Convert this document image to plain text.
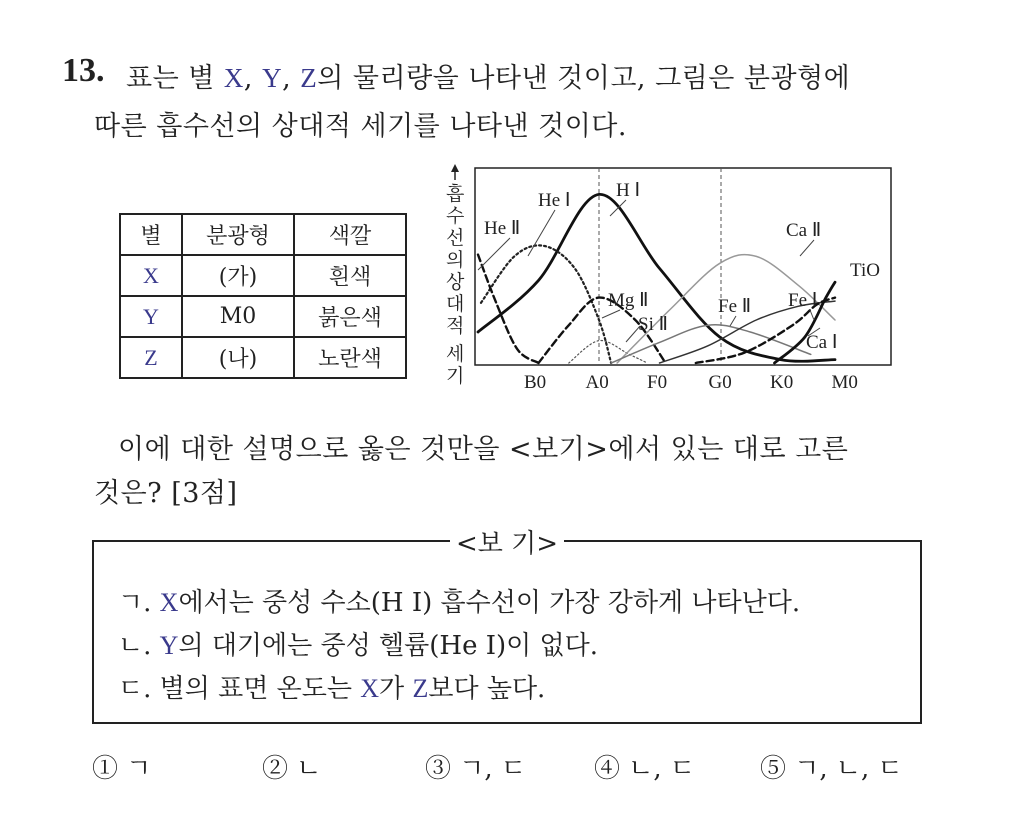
13. 표는 별 X, Y, Z의 물리량을 나타낸 것이고, 그림은 분광형에
따른 흡수선의 상대적 세기를 나타낸 것이다.
별	분광형	색깔
X	(가)	흰색
Y	M0	붉은색
Z	(나)	노란색
흡
수
선
의
상
대
적
세
기
He Ⅰ H Ⅰ
He Ⅱ	Ca Ⅱ
TiO
Mg Ⅱ
Si Ⅱ
Fe Ⅱ Fe Ⅰ
Ca Ⅰ
B0 A0 F0 G0 K0 M0
이에 대한 설명으로 옳은 것만을 <보기>에서 있는 대로 고른
것은? [3점]
<보 기>
ㄱ. X에서는 중성 수소(H Ⅰ) 흡수선이 가장 강하게 나타난다.
ㄴ. Y의 대기에는 중성 헬륨(He Ⅰ)이 없다.
ㄷ. 별의 표면 온도는 X가 Z보다 높다.
① ㄱ	② ㄴ	③ ㄱ, ㄷ	④ ㄴ, ㄷ ⑤ ㄱ, ㄴ, ㄷ
